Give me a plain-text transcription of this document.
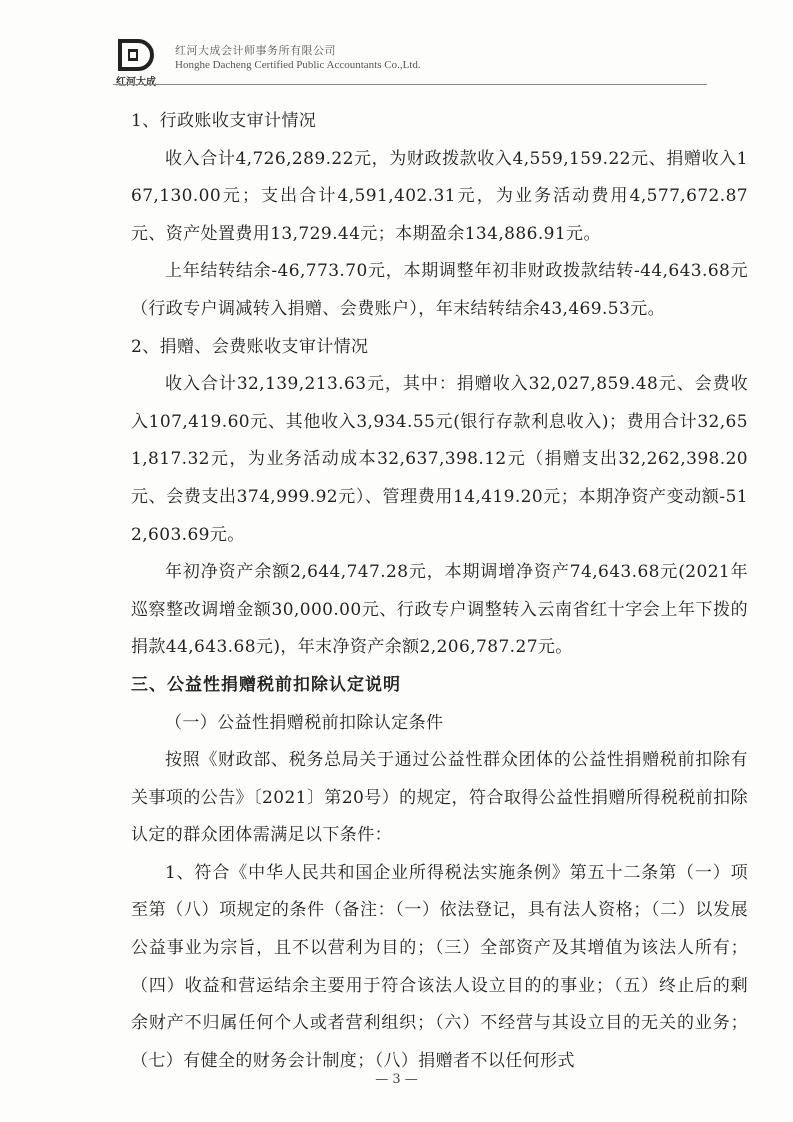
红河大成
红河大成会计师事务所有限公司
Honghe Dacheng Certified Public Accountants Co.,Ltd.

1、行政账收支审计情况

收入合计4,726,289.22元，为财政拨款收入4,559,159.22元、捐赠收入167,130.00元；支出合计4,591,402.31元，为业务活动费用4,577,672.87元、资产处置费用13,729.44元；本期盈余134,886.91元。

上年结转结余-46,773.70元，本期调整年初非财政拨款结转-44,643.68元（行政专户调减转入捐赠、会费账户），年末结转结余43,469.53元。

2、捐赠、会费账收支审计情况

收入合计32,139,213.63元，其中：捐赠收入32,027,859.48元、会费收入107,419.60元、其他收入3,934.55元(银行存款利息收入)；费用合计32,651,817.32元，为业务活动成本32,637,398.12元（捐赠支出32,262,398.20元、会费支出374,999.92元）、管理费用14,419.20元；本期净资产变动额-512,603.69元。

年初净资产余额2,644,747.28元，本期调增净资产74,643.68元(2021年巡察整改调增金额30,000.00元、行政专户调整转入云南省红十字会上年下拨的捐款44,643.68元)，年末净资产余额2,206,787.27元。

三、公益性捐赠税前扣除认定说明

（一）公益性捐赠税前扣除认定条件

按照《财政部、税务总局关于通过公益性群众团体的公益性捐赠税前扣除有关事项的公告》〔2021〕第20号）的规定，符合取得公益性捐赠所得税税前扣除认定的群众团体需满足以下条件：

1、符合《中华人民共和国企业所得税法实施条例》第五十二条第（一）项至第（八）项规定的条件（备注：（一）依法登记，具有法人资格；（二）以发展公益事业为宗旨，且不以营利为目的；（三）全部资产及其增值为该法人所有；（四）收益和营运结余主要用于符合该法人设立目的的事业；（五）终止后的剩余财产不归属任何个人或者营利组织；（六）不经营与其设立目的无关的业务；（七）有健全的财务会计制度；（八）捐赠者不以任何形式

— 3 —
